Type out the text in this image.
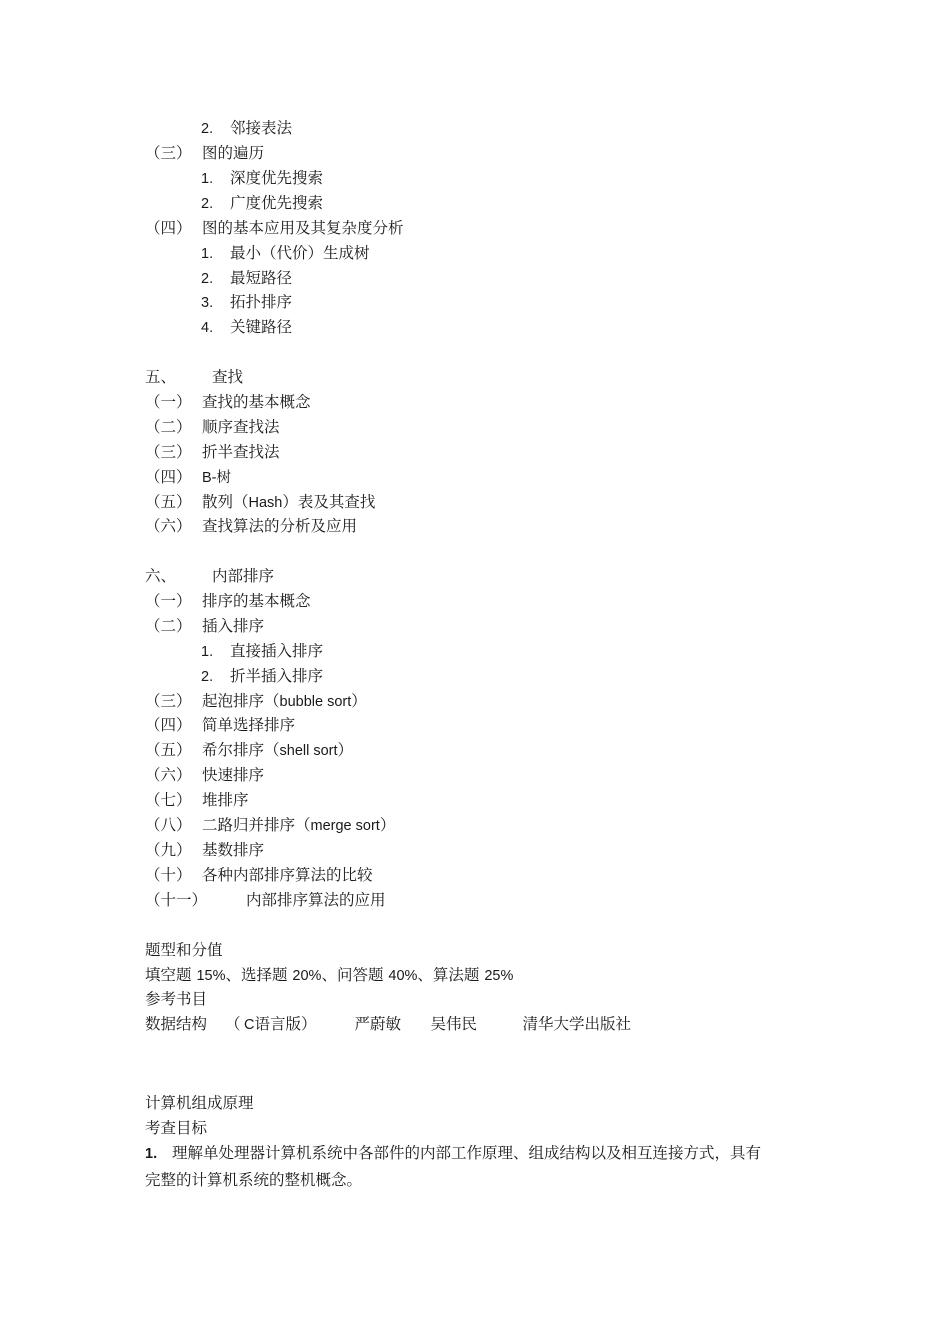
2. 邻接表法
（三） 图的遍历
1. 深度优先搜索
2. 广度优先搜索
（四） 图的基本应用及其复杂度分析
1. 最小（代价）生成树
2. 最短路径
3. 拓扑排序
4. 关键路径
五、 查找
（一） 查找的基本概念
（二） 顺序查找法
（三） 折半查找法
（四） B-树
（五） 散列（Hash）表及其查找
（六） 查找算法的分析及应用
六、 内部排序
（一） 排序的基本概念
（二） 插入排序
1. 直接插入排序
2. 折半插入排序
（三） 起泡排序（bubble sort）
（四） 简单选择排序
（五） 希尔排序（shell sort）
（六） 快速排序
（七） 堆排序
（八） 二路归并排序（merge sort）
（九） 基数排序
（十） 各种内部排序算法的比较
（十一）	内部排序算法的应用
题型和分值
填空题 15%、选择题 20%、问答题 40%、算法题 25%
参考书目
数据结构 （ C语言版） 严蔚敏 吴伟民	清华大学出版社
计算机组成原理
考查目标
1. 理解单处理器计算机系统中各部件的内部工作原理、组成结构以及相互连接方式，具有
完整的计算机系统的整机概念。
